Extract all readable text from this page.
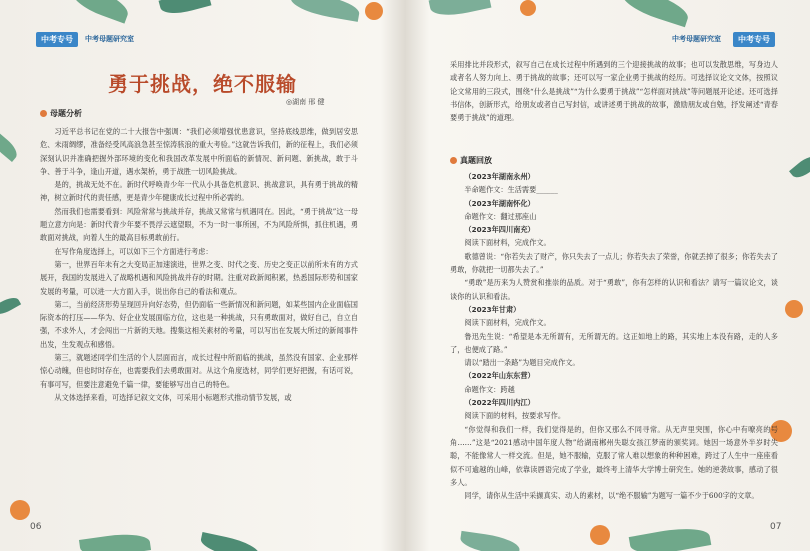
中考专号	中考母题研究室
勇于挑战，绝不服输
◎湖南 邢 健
母题分析

习近平总书记在党的二十大报告中强调：“我们必须增强忧患意识，坚持底线思维，做到居安思危、未雨绸缪，准备经受风高浪急甚至惊涛骇浪的重大考验。”这就告诉我们，新的征程上，我们必须深刻认识并准确把握外部环境的变化和我国改革发展中所面临的新情况、新问题、新挑战，敢于斗争、善于斗争，逢山开道，遇水架桥，勇于战胜一切风险挑战。

是的，挑战无处不在。新时代呼唤青少年一代从小具备危机意识、挑战意识，具有勇于挑战的精神，树立新时代的责任感，更是青少年健康成长过程中所必需的。

然而我们也需要看到：风险常常与挑战并存，挑战又常常与机遇同在。因此，“勇于挑战”这一母题立意方向是：新时代青少年要不畏浮云遮望眼，不为一时一事所困，不为风险所惧，抓住机遇，勇敢面对挑战，向着人生的最高目标勇敢前行。

在写作角度选择上，可以如下三个方面进行考虑：

第一，世界百年未有之大变局正加速演进，世界之变、时代之变、历史之变正以前所未有的方式展开，我国的发展进入了战略机遇和风险挑战并存的时期。注重对政新闻积累，热悉国际形势和国家发展的考量，可以进一大方面入手，说出你自己的看法和观点。

第二，当前经济形势呈现回升向好态势，但仍面临一些新情况和新问题，如某些国内企业面临国际资本的打压——华为、好企业发展面临方位，这也是一种挑战，只有勇敢面对，做好自己，自立自强，不求外人，才会闯出一片新的天地。搜集这相关素材的考量，可以写出在发展大所过的新闻事件出发，生发观点和感悟。

第三，就题述同学们生活的个人层面而言，成长过程中所面临的挑战，虽然没有国家、企业那样惊心动魄，但也时时存在，也需要我们去勇敢面对。从这个角度选材，同学们更好把握，有话可说，有事可写，但要注意避免千篇一律，要能够写出自己的特色。

从文体选择来看，可选择记叙文文体，可采用小标题形式推动情节发展，或

06
中考母题研究室	中考专号

采用排比并段形式，叙写自己在成长过程中所遇到的三个迎接挑战的故事；也可以发散思维，写身边人或者名人努力向上、勇于挑战的故事；还可以写一家企业勇于挑战的经历。可选择议论文文体，按照议论文常用的三段式，围绕“什么是挑战”“为什么要勇于挑战”“怎样面对挑战”等问题展开论述。还可选择书信体，创新形式，给朋友或者自己写封信，或讲述勇于挑战的故事，激励朋友或自勉，抒发阐述“青春要勇于挑战”的道理。

真题回放

（2023年湖南永州）

半命题作文：生活需要______

（2023年湖南怀化）

命题作文：翻过那座山

（2023年四川南充）

阅读下面材料，完成作文。

歌德曾说：“你若失去了财产，你只失去了一点儿；你若失去了荣誉，你就丢掉了很多；你若失去了勇敢，你就把一切都失去了。”

“勇敢”是历来为人赞赏和推崇的品质。对于“勇敢”，你有怎样的认识和看法？请写一篇议论文，谈谈你的认识和看法。

（2023年甘肃）

阅读下面材料，完成作文。

鲁迅先生说：“希望是本无所谓有，无所谓无的。这正如地上的路，其实地上本没有路，走的人多了，也便成了路。”

请以“踏出一条路”为题目完成作文。

（2022年山东东营）

命题作文：跨越

（2022年四川内江）

阅读下面的材料，按要求写作。

“你觉得和我们一样，我们觉得是的，但你又那么不同寻常。从无声里突围，你心中有嘹亮的号角……”这是“2021感动中国年度人物”给湖南郴州失聪女孩江梦南的颁奖词。她因一场意外半岁时失聪，不能像常人一样交流。但是，她不服输，克服了常人难以想象的种种困难，跨过了人生中一座座看似不可逾越的山峰，依靠读唇语完成了学业，最终考上清华大学博士研究生。她的逆袭故事，感动了很多人。

同学，请你从生活中采撷真实、动人的素材，以“绝不服输”为题写一篇不少于600字的文章。

07
